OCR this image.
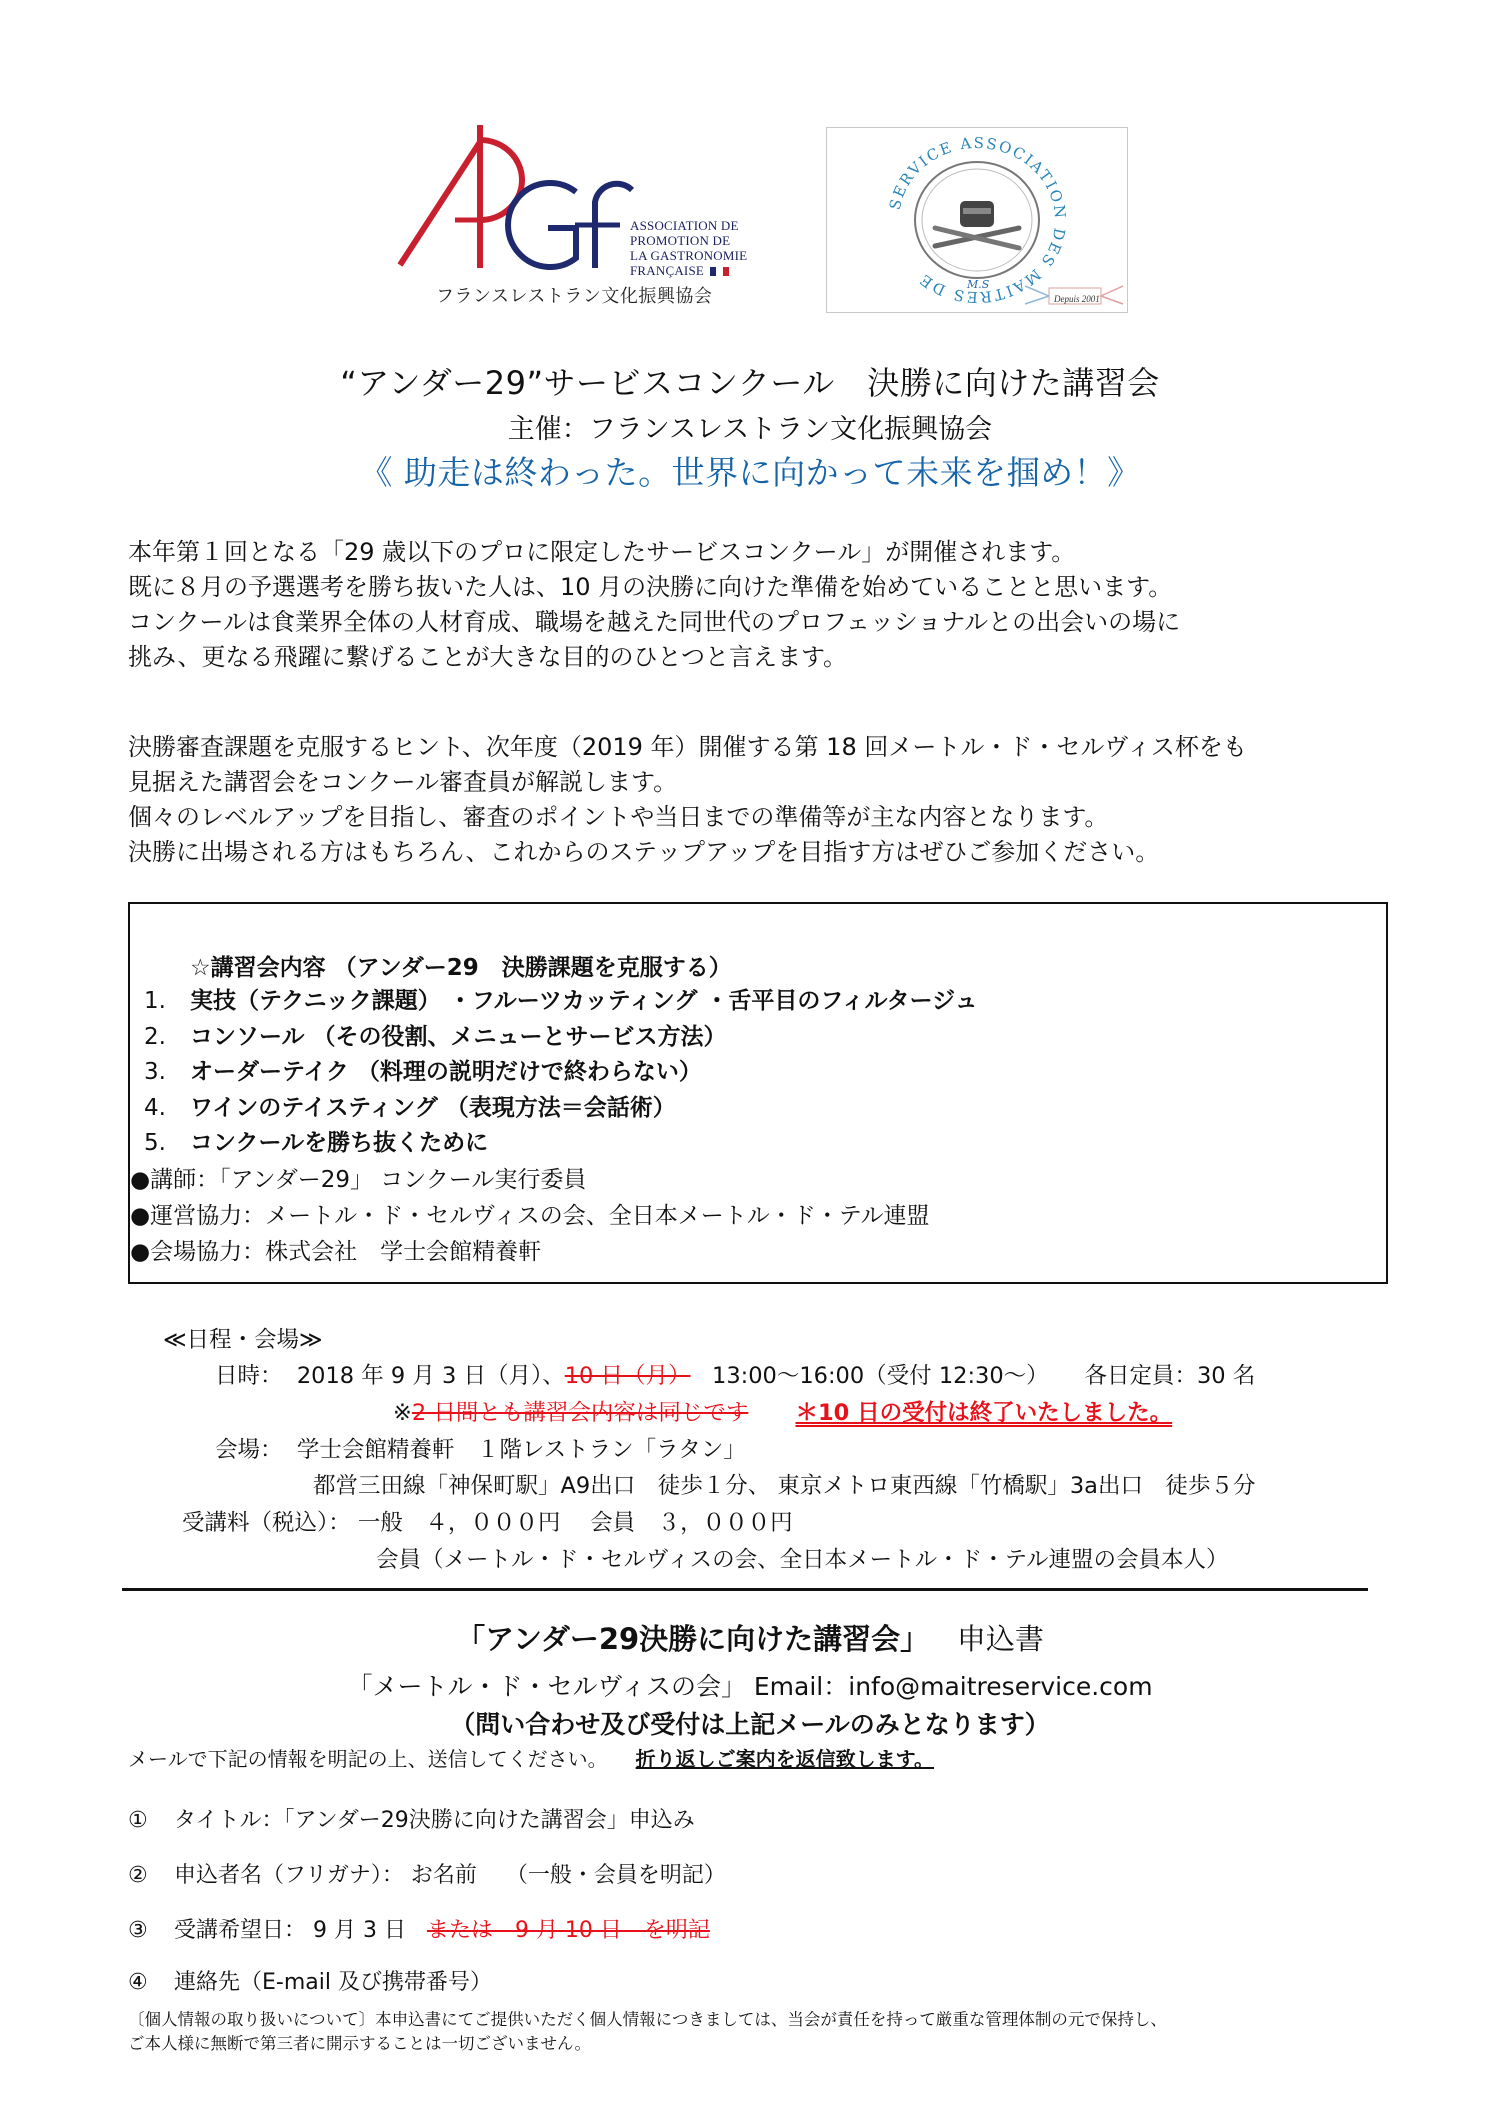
ASSOCIATION DE
PROMOTION DE
LA GASTRONOMIE
FRANÇAISE
フランスレストラン文化振興協会
SERVICE ASSOCIATION DES MAITRES DE	M.S
Depuis 2001
“アンダー29”サービスコンクール　決勝に向けた講習会
主催：フランスレストラン文化振興協会
《 助走は終わった。世界に向かって未来を掴め！》
本年第１回となる「29 歳以下のプロに限定したサービスコンクール」が開催されます。
既に８月の予選選考を勝ち抜いた人は、10 月の決勝に向けた準備を始めていることと思います。
コンクールは食業界全体の人材育成、職場を越えた同世代のプロフェッショナルとの出会いの場に
挑み、更なる飛躍に繋げることが大きな目的のひとつと言えます。
決勝審査課題を克服するヒント、次年度（2019 年）開催する第 18 回メートル・ド・セルヴィス杯をも
見据えた講習会をコンクール審査員が解説します。
個々のレベルアップを目指し、審査のポイントや当日までの準備等が主な内容となります。
決勝に出場される方はもちろん、これからのステップアップを目指す方はぜひご参加ください。
☆講習会内容 （アンダー29　決勝課題を克服する）
1. 実技（テクニック課題） ・フルーツカッティング ・舌平目のフィルタージュ
2. コンソール （その役割、メニューとサービス方法）
3. オーダーテイク （料理の説明だけで終わらない）
4. ワインのテイスティング （表現方法＝会話術）
5. コンクールを勝ち抜くために
●講師：「アンダー29」 コンクール実行委員
●運営協力：メートル・ド・セルヴィスの会、全日本メートル・ド・テル連盟
●会場協力：株式会社　学士会館精養軒
≪日程・会場≫
日時： 2018 年 9 月 3 日（月）、10 日（月） 13:00～16:00（受付 12:30～） 各日定員：30 名
※2 日間とも講習会内容は同じです ＊10 日の受付は終了いたしました。
会場： 学士会館精養軒　１階レストラン「ラタン」
都営三田線「神保町駅」A9出口　徒歩１分、 東京メトロ東西線「竹橋駅」3a出口　徒歩５分
受講料（税込）： 一般　４，０００円　 会員　３，０００円
会員（メートル・ド・セルヴィスの会、全日本メートル・ド・テル連盟の会員本人）
「アンダー29決勝に向けた講習会」 申込書
「メートル・ド・セルヴィスの会」 Email：info@maitreservice.com
（問い合わせ及び受付は上記メールのみとなります）
メールで下記の情報を明記の上、送信してください。 折り返しご案内を返信致します。
① タイトル：「アンダー29決勝に向けた講習会」申込み
② 申込者名（フリガナ）： お名前　 （一般・会員を明記）
③ 受講希望日： 9 月 3 日 または　9 月 10 日　を明記
④ 連絡先（E-mail 及び携帯番号）
〔個人情報の取り扱いについて〕本申込書にてご提供いただく個人情報につきましては、当会が責任を持って厳重な管理体制の元で保持し、
ご本人様に無断で第三者に開示することは一切ございません。
